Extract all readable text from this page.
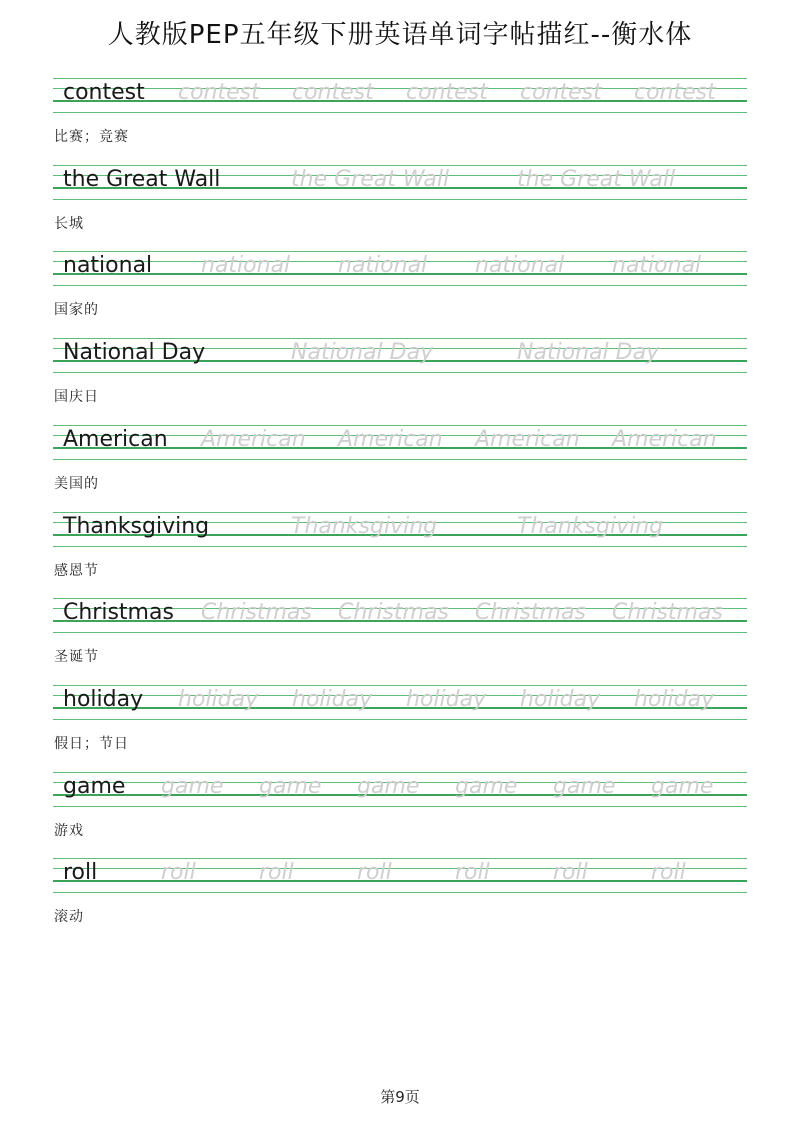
人教版PEP五年级下册英语单词字帖描红--衡水体
contest contest contest contest contest contest
比赛；竞赛
the Great Wall	the Great Wall	the Great Wall
长城
national national national national national
国家的
National Day	National Day	National Day
国庆日
American American American American American
美国的
Thanksgiving	Thanksgiving	Thanksgiving
感恩节
Christmas Christmas Christmas Christmas Christmas
圣诞节
holiday holiday holiday holiday holiday holiday
假日；节日
game game game game game game game
游戏
roll	roll	roll	roll	roll	roll	roll
滚动
第9页
